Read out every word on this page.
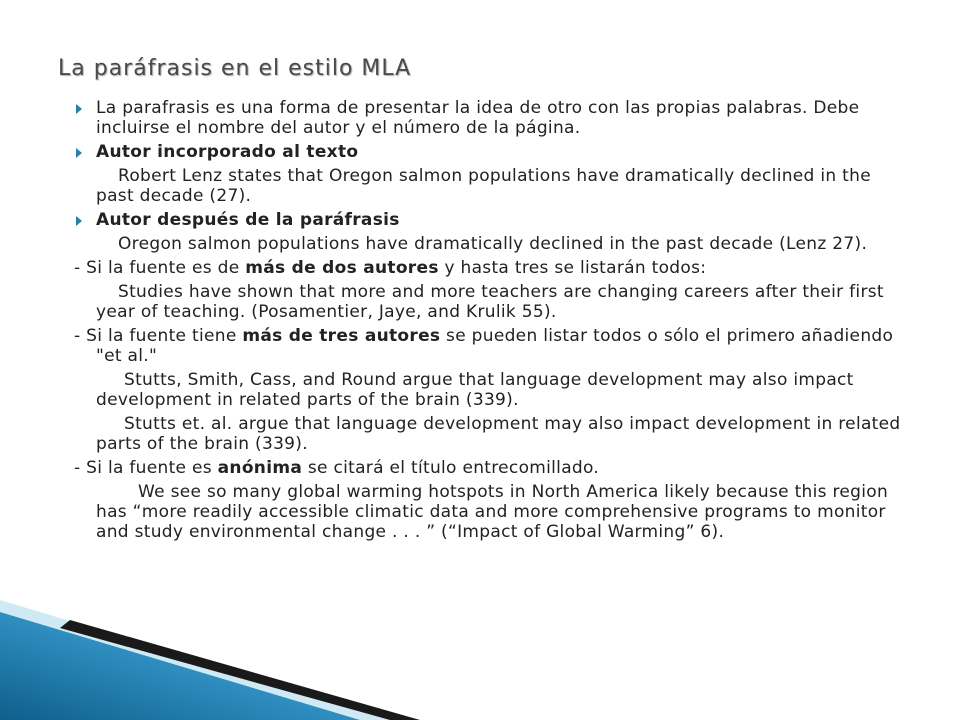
La paráfrasis en el estilo MLA
La parafrasis es una forma de presentar la idea de otro con las propias palabras. Debe incluirse el nombre del autor y el número de la página.
Autor incorporado al texto
Robert Lenz states that Oregon salmon populations have dramatically declined in the past decade (27).
Autor después de la paráfrasis
Oregon salmon populations have dramatically declined in the past decade (Lenz 27).
- Si la fuente es de más de dos autores y hasta tres se listarán todos:
Studies have shown that more and more teachers are changing careers after their first year of teaching. (Posamentier, Jaye, and Krulik 55).
- Si la fuente tiene más de tres autores se pueden listar todos o sólo el primero añadiendo "et al."
Stutts, Smith, Cass, and Round argue that language development may also impact development in related parts of the brain (339).
Stutts et. al. argue that language development may also impact development in related parts of the brain (339).
- Si la fuente es anónima se citará el título entrecomillado.
We see so many global warming hotspots in North America likely because this region has “more readily accessible climatic data and more comprehensive programs to monitor and study environmental change . . . ” (“Impact of Global Warming” 6).
